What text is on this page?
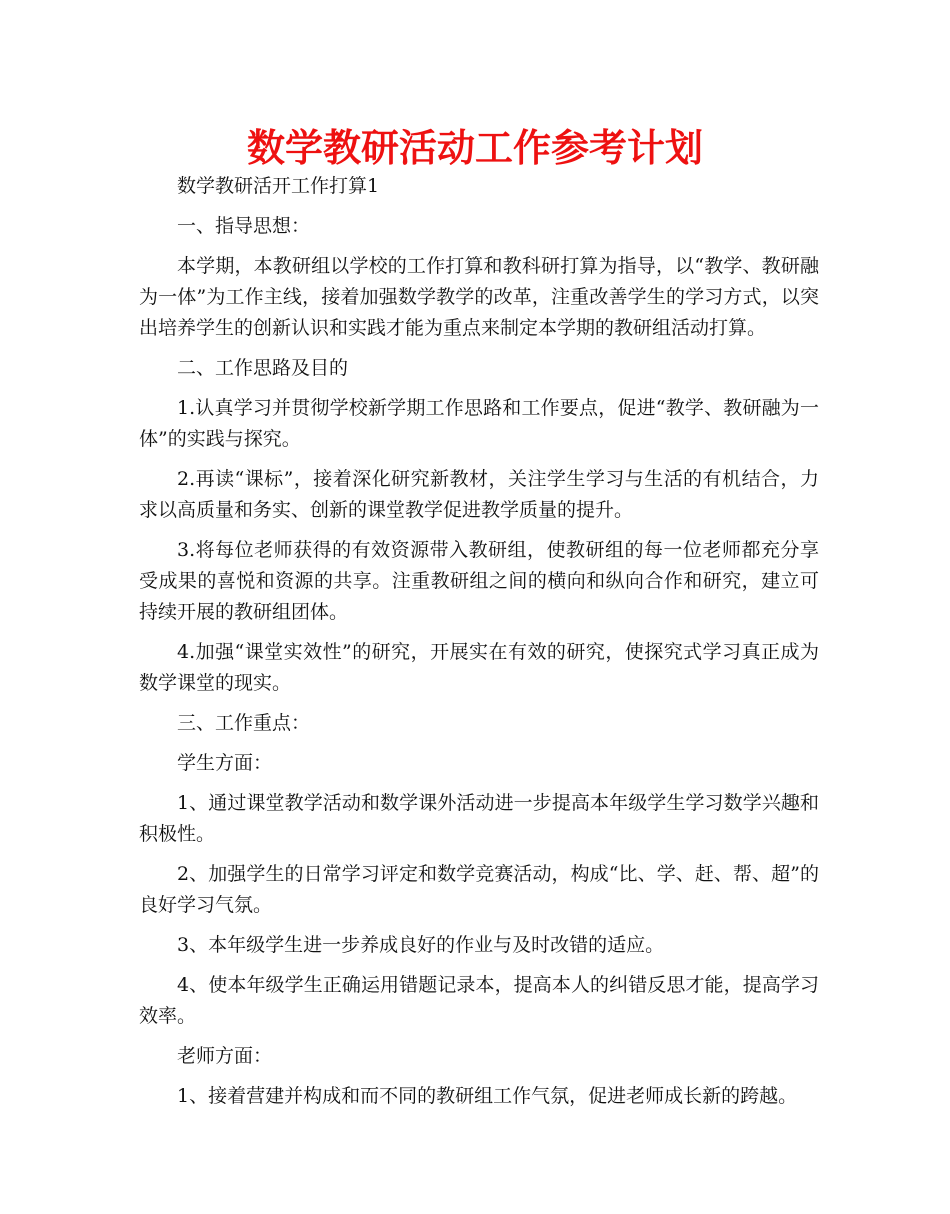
数学教研活动工作参考计划

数学教研活开工作打算1

一、指导思想：

本学期，本教研组以学校的工作打算和教科研打算为指导，以“教学、教研融为一体”为工作主线，接着加强数学教学的改革，注重改善学生的学习方式，以突出培养学生的创新认识和实践才能为重点来制定本学期的教研组活动打算。

二、工作思路及目的

1.认真学习并贯彻学校新学期工作思路和工作要点，促进“教学、教研融为一体”的实践与探究。

2.再读“课标”，接着深化研究新教材，关注学生学习与生活的有机结合，力求以高质量和务实、创新的课堂教学促进教学质量的提升。

3.将每位老师获得的有效资源带入教研组，使教研组的每一位老师都充分享受成果的喜悦和资源的共享。注重教研组之间的横向和纵向合作和研究，建立可持续开展的教研组团体。

4.加强“课堂实效性”的研究，开展实在有效的研究，使探究式学习真正成为数学课堂的现实。

三、工作重点：

学生方面：

1、通过课堂教学活动和数学课外活动进一步提高本年级学生学习数学兴趣和积极性。

2、加强学生的日常学习评定和数学竞赛活动，构成“比、学、赶、帮、超”的良好学习气氛。

3、本年级学生进一步养成良好的作业与及时改错的适应。

4、使本年级学生正确运用错题记录本，提高本人的纠错反思才能，提高学习效率。

老师方面：

1、接着营建并构成和而不同的教研组工作气氛，促进老师成长新的跨越。
